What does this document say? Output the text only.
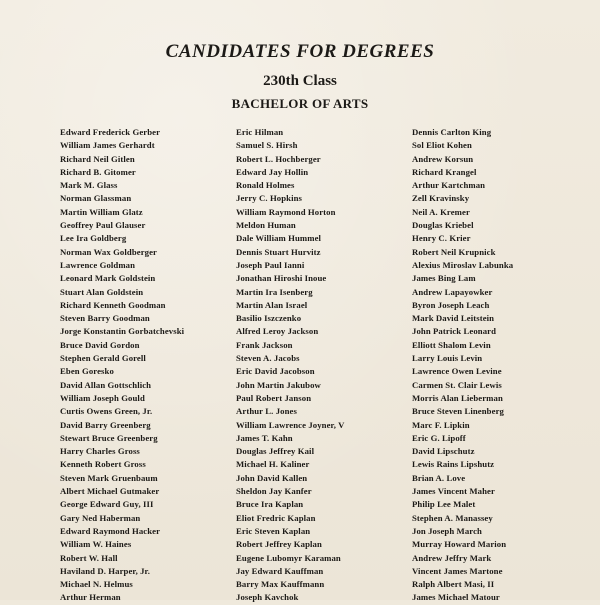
CANDIDATES FOR DEGREES
230th Class
BACHELOR OF ARTS
Edward Frederick Gerber
William James Gerhardt
Richard Neil Gitlen
Richard B. Gitomer
Mark M. Glass
Norman Glassman
Martin William Glatz
Geoffrey Paul Glauser
Lee Ira Goldberg
Norman Wax Goldberger
Lawrence Goldman
Leonard Mark Goldstein
Stuart Alan Goldstein
Richard Kenneth Goodman
Steven Barry Goodman
Jorge Konstantin Gorbatchevski
Bruce David Gordon
Stephen Gerald Gorell
Eben Goresko
David Allan Gottschlich
William Joseph Gould
Curtis Owens Green, Jr.
David Barry Greenberg
Stewart Bruce Greenberg
Harry Charles Gross
Kenneth Robert Gross
Steven Mark Gruenbaum
Albert Michael Gutmaker
George Edward Guy, III
Gary Ned Haberman
Edward Raymond Hacker
William W. Haines
Robert W. Hall
Haviland D. Harper, Jr.
Michael N. Helmus
Arthur Herman
Eric Hilman
Samuel S. Hirsh
Robert L. Hochberger
Edward Jay Hollin
Ronald Holmes
Jerry C. Hopkins
William Raymond Horton
Meldon Human
Dale William Hummel
Dennis Stuart Hurvitz
Joseph Paul Ianni
Jonathan Hiroshi Inoue
Martin Ira Isenberg
Martin Alan Israel
Basilio Iszczenko
Alfred Leroy Jackson
Frank Jackson
Steven A. Jacobs
Eric David Jacobson
John Martin Jakubow
Paul Robert Janson
Arthur L. Jones
William Lawrence Joyner, V
James T. Kahn
Douglas Jeffrey Kail
Michael H. Kaliner
John David Kallen
Sheldon Jay Kanfer
Bruce Ira Kaplan
Eliot Fredric Kaplan
Eric Steven Kaplan
Robert Jeffrey Kaplan
Eugene Lubomyr Karaman
Jay Edward Kauffman
Barry Max Kauffmann
Joseph Kavchok
Dennis Carlton King
Sol Eliot Kohen
Andrew Korsun
Richard Krangel
Arthur Kartchman
Zell Kravinsky
Neil A. Kremer
Douglas Kriebel
Henry C. Krier
Robert Neil Krupnick
Alexius Miroslav Labunka
James Bing Lam
Andrew Lapayowker
Byron Joseph Leach
Mark David Leitstein
John Patrick Leonard
Elliott Shalom Levin
Larry Louis Levin
Lawrence Owen Levine
Carmen St. Clair Lewis
Morris Alan Lieberman
Bruce Steven Linenberg
Marc F. Lipkin
Eric G. Lipoff
David Lipschutz
Lewis Rains Lipshutz
Brian A. Love
James Vincent Maher
Philip Lee Malet
Stephen A. Manassey
Jon Joseph March
Murray Howard Marion
Andrew Jeffry Mark
Vincent James Martone
Ralph Albert Masi, II
James Michael Matour
